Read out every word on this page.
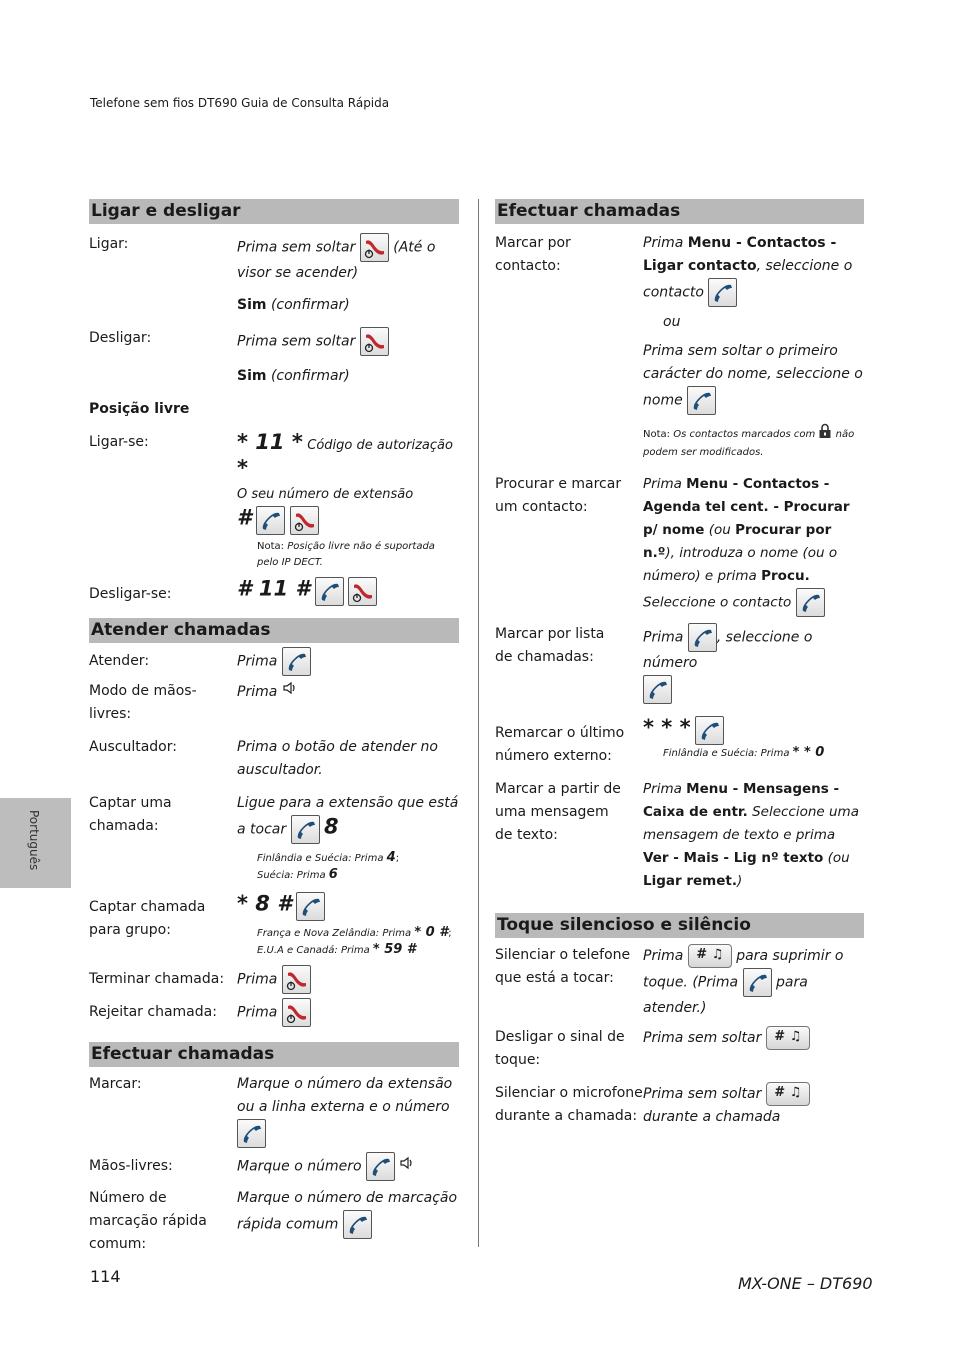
Telefone sem fios DT690 Guia de Consulta Rápida
Português
Ligar e desligar
Ligar:	Prima sem soltar	(Até o visor se acender)
Sim (confirmar)
Desligar:	Prima sem soltar
Sim (confirmar)
Posição livre
Ligar-se:	* 11 * Código de autorização *
O seu número de extensão
#

Nota: Posição livre não é suportada pelo IP DECT.
Desligar-se:	# 11 #

Atender chamadas
Atender:	Prima
Modo de mãos-livres:
Prima
Auscultador:	Prima o botão de atender no auscultador.
Captar uma chamada:
Ligue para a extensão que está a tocar 8
Finlândia e Suécia: Prima 4;
Suécia: Prima 6
Captar chamada para grupo:
* 8 #
França e Nova Zelândia: Prima * 0 #;
E.U.A e Canadá: Prima * 59 #
Terminar chamada: Prima
Rejeitar chamada:	Prima
Efectuar chamadas
Marcar:	Marque o número da extensão ou a linha externa e o número
Mãos-livres:	Marque o número

Número de marcação rápida comum:
Marque o número de marcação rápida comum
Efectuar chamadas
Marcar por contacto:
Prima Menu - Contactos - Ligar contacto, seleccione o contacto
ou
Prima sem soltar o primeiro carácter do nome, seleccione o nome
Nota: Os contactos marcados com não podem ser modificados.
Procurar e marcar um contacto:
Prima Menu - Contactos - Agenda tel cent. - Procurar p/ nome (ou Procurar por n.º), introduza o nome (ou o número) e prima Procu. Seleccione o contacto
Marcar por lista de chamadas:
Prima , seleccione o número
Remarcar o último número externo:
* * *
Finlândia e Suécia: Prima * * 0
Marcar a partir de uma mensagem de texto:
Prima Menu - Mensagens - Caixa de entr. Seleccione uma mensagem de texto e prima Ver - Mais - Lig nº texto (ou Ligar remet.)
Toque silencioso e silêncio
Silenciar o telefone que está a tocar:
Prima # ♫ para suprimir o toque. (Prima	para atender.)
Desligar o sinal de toque:
Prima sem soltar # ♫
Silenciar o microfone durante a chamada:
Prima sem soltar # ♫ durante a chamada
114	MX-ONE – DT690
